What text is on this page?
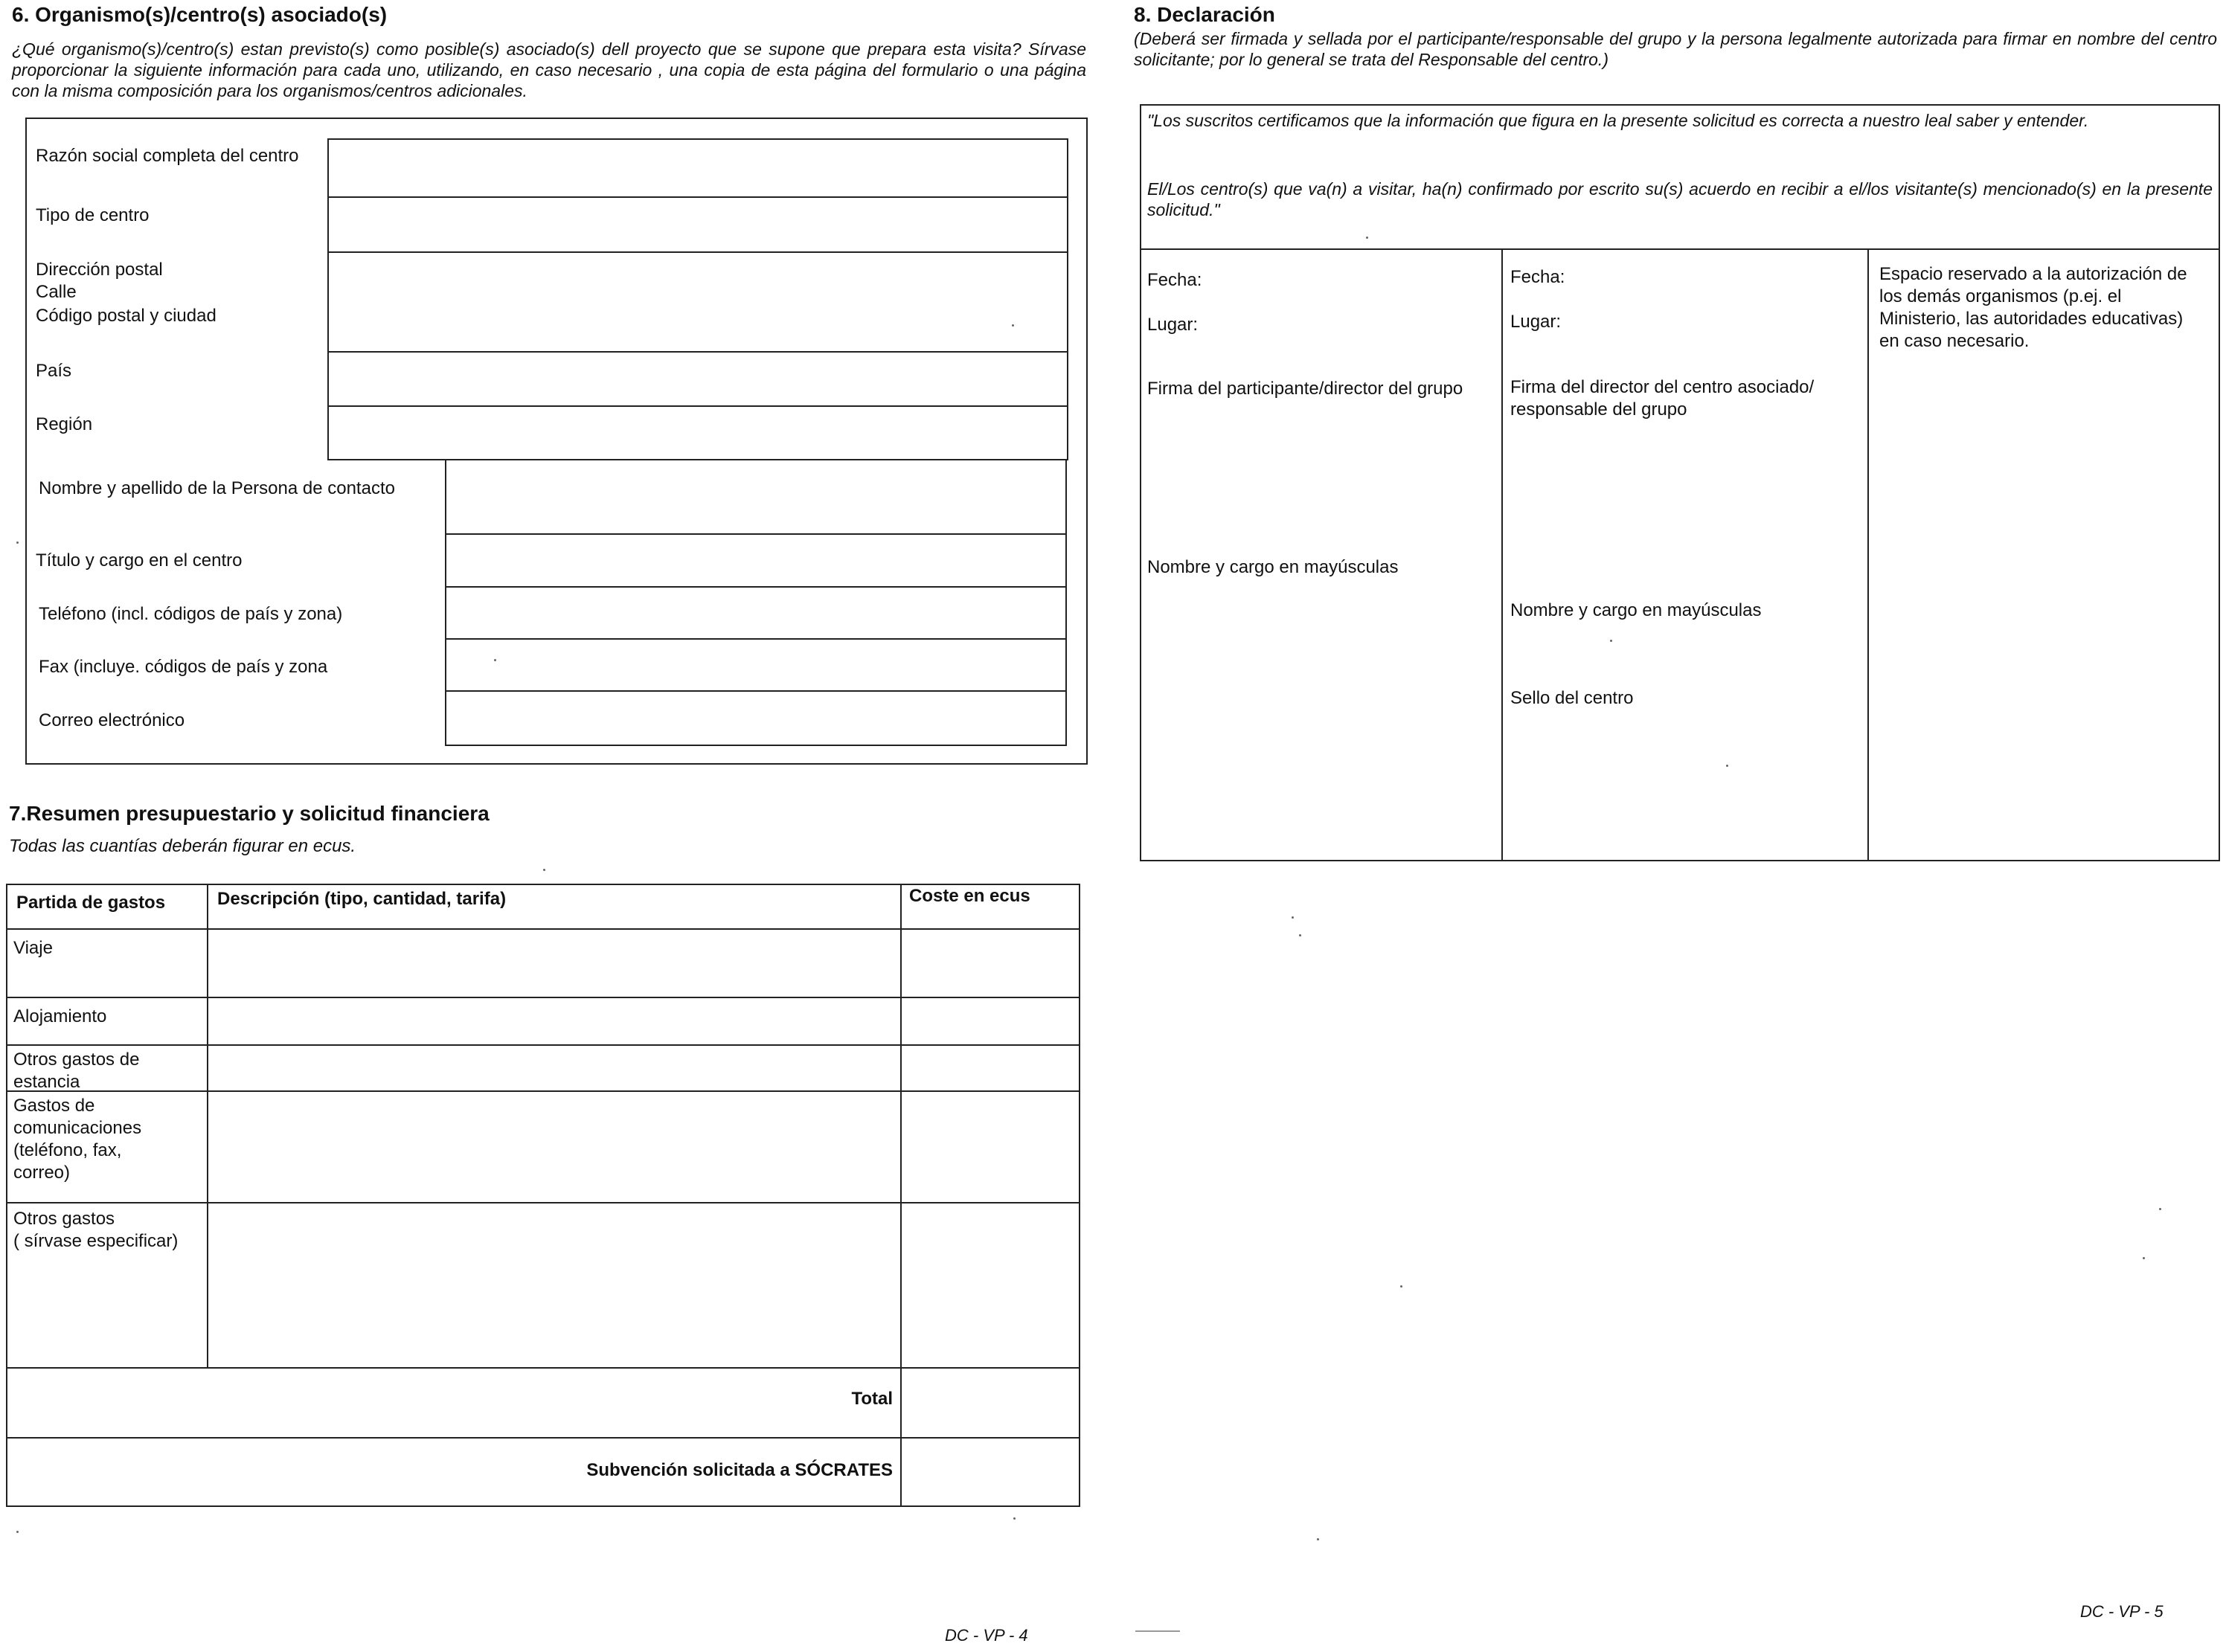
6. Organismo(s)/centro(s) asociado(s)
¿Qué organismo(s)/centro(s) estan previsto(s) como posible(s) asociado(s) dell proyecto que se supone que prepara esta visita? Sírvase proporcionar la siguiente información para cada uno, utilizando, en caso necesario , una copia de esta página del formulario o una página con la misma composición para los organismos/centros adicionales.
Razón social completa del centro
Tipo de centro
Dirección postal
Calle
Código postal y ciudad
País
Región
Nombre y apellido de la Persona de contacto
Título y cargo en el centro
Teléfono (incl. códigos de país y zona)
Fax (incluye. códigos de país y zona
Correo electrónico
7.Resumen presupuestario y solicitud financiera
Todas las cuantías deberán figurar en ecus.
Partida de gastos	Descripción (tipo, cantidad, tarifa)	Coste en ecus
Viaje
Alojamiento
Otros gastos de estancia
Gastos de comunicaciones (teléfono, fax, correo)
Otros gastos
( sírvase especificar)
Total
Subvención solicitada a SÓCRATES
8. Declaración
(Deberá ser firmada y sellada por el participante/responsable del grupo y la persona legalmente autorizada para firmar en nombre del centro solicitante; por lo general se trata del Responsable del centro.)
"Los suscritos certificamos que la información que figura en la presente solicitud es correcta a nuestro leal saber y entender.
El/Los centro(s) que va(n) a visitar, ha(n) confirmado por escrito su(s) acuerdo en recibir a el/los visitante(s) mencionado(s) en la presente solicitud."
Fecha:
Lugar:
Firma del participante/director del grupo
Nombre y cargo en mayúsculas
Fecha:
Lugar:
Firma del director del centro asociado/ responsable del grupo
Nombre y cargo en mayúsculas
Sello del centro
Espacio reservado a la autorización de los demás organismos (p.ej. el Ministerio, las autoridades educativas) en caso necesario.
DC - VP - 4
DC - VP - 5
